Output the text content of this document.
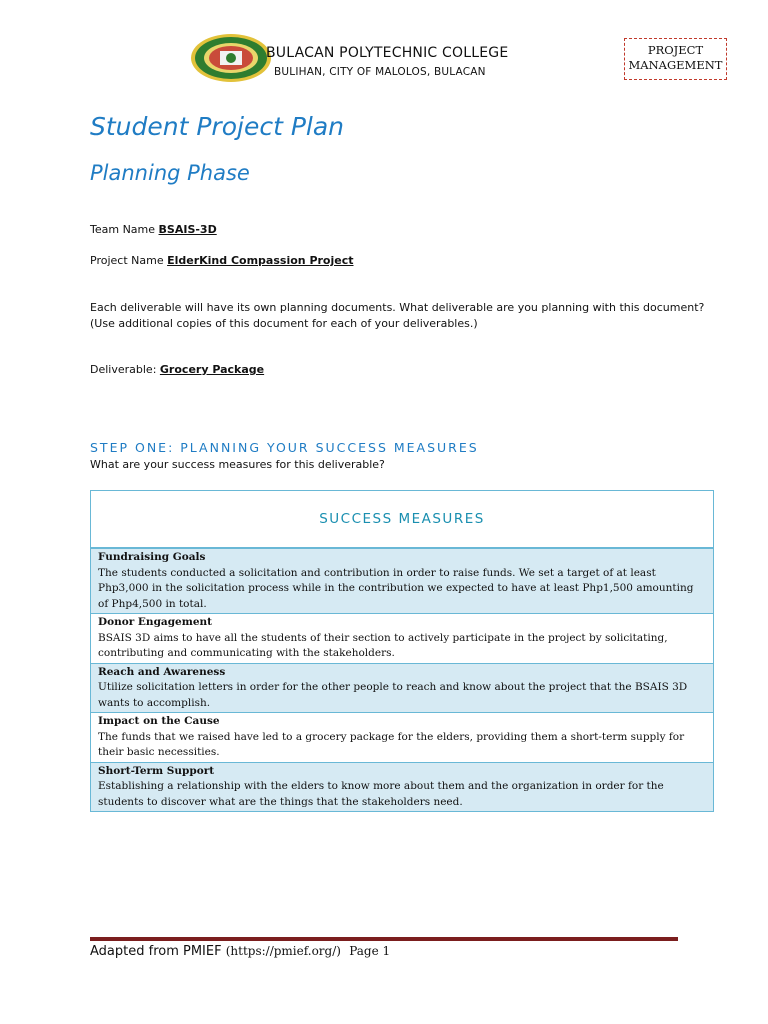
BULACAN POLYTECHNIC COLLEGE
BULIHAN, CITY OF MALOLOS, BULACAN
PROJECT
MANAGEMENT
Student Project Plan
Planning Phase
Team Name BSAIS-3D
Project Name ElderKind Compassion Project
Each deliverable will have its own planning documents. What deliverable are you planning with this document?
(Use additional copies of this document for each of your deliverables.)
Deliverable: Grocery Package
STEP ONE: PLANNING YOUR SUCCESS MEASURES
What are your success measures for this deliverable?
SUCCESS MEASURES
Fundraising Goals
The students conducted a solicitation and contribution in order to raise funds. We set a target of at least Php3,000 in the solicitation process while in the contribution we expected to have at least Php1,500 amounting of Php4,500 in total.
Donor Engagement
BSAIS 3D aims to have all the students of their section to actively participate in the project by solicitating, contributing and communicating with the stakeholders.
Reach and Awareness
Utilize solicitation letters in order for the other people to reach and know about the project that the BSAIS 3D wants to accomplish.
Impact on the Cause
The funds that we raised have led to a grocery package for the elders, providing them a short-term supply for their basic necessities.
Short-Term Support
Establishing a relationship with the elders to know more about them and the organization in order for the students to discover what are the things that the stakeholders need.
Adapted from PMIEF (https://pmief.org/) Page 1
